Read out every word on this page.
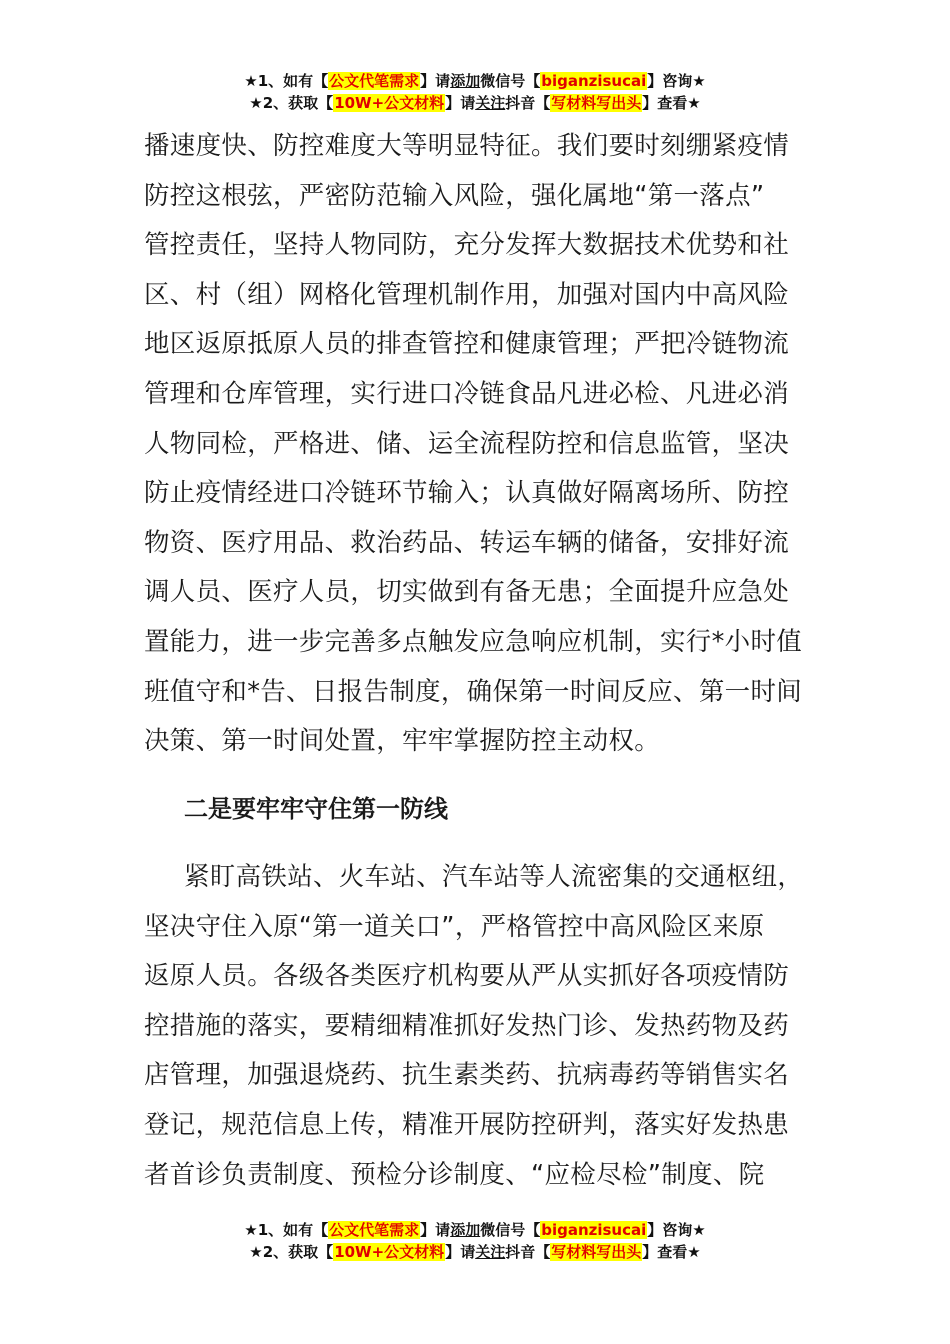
★1、如有【公文代笔需求】请添加微信号【biganzisucai】咨询★
★2、获取【10W+公文材料】请关注抖音【写材料写出头】查看★
播速度快、防控难度大等明显特征。我们要时刻绷紧疫情
防控这根弦，严密防范输入风险，强化属地“第一落点”
管控责任，坚持人物同防，充分发挥大数据技术优势和社
区、村（组）网格化管理机制作用，加强对国内中高风险
地区返原抵原人员的排查管控和健康管理；严把冷链物流
管理和仓库管理，实行进口冷链食品凡进必检、凡进必消
人物同检，严格进、储、运全流程防控和信息监管，坚决
防止疫情经进口冷链环节输入；认真做好隔离场所、防控
物资、医疗用品、救治药品、转运车辆的储备，安排好流
调人员、医疗人员，切实做到有备无患；全面提升应急处
置能力，进一步完善多点触发应急响应机制，实行*小时值
班值守和*告、日报告制度，确保第一时间反应、第一时间
决策、第一时间处置，牢牢掌握防控主动权。
二是要牢牢守住第一防线
紧盯高铁站、火车站、汽车站等人流密集的交通枢纽，
坚决守住入原“第一道关口”，严格管控中高风险区来原
返原人员。各级各类医疗机构要从严从实抓好各项疫情防
控措施的落实，要精细精准抓好发热门诊、发热药物及药
店管理，加强退烧药、抗生素类药、抗病毒药等销售实名
登记，规范信息上传，精准开展防控研判，落实好发热患
者首诊负责制度、预检分诊制度、“应检尽检”制度、院
★1、如有【公文代笔需求】请添加微信号【biganzisucai】咨询★
★2、获取【10W+公文材料】请关注抖音【写材料写出头】查看★
